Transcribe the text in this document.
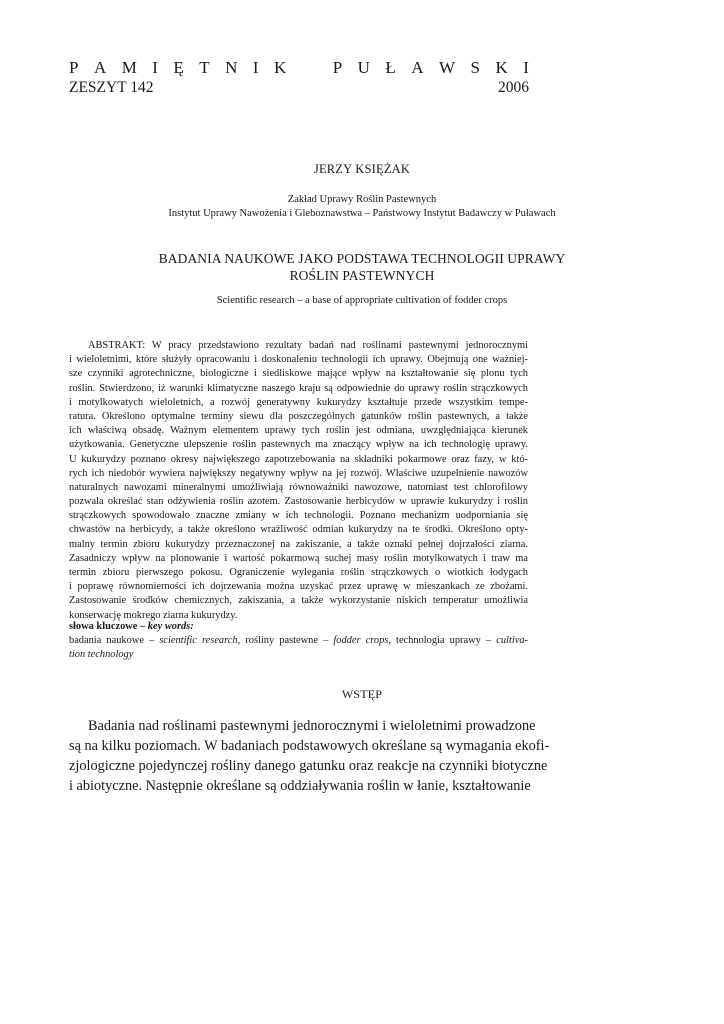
P A M I Ę T N I K	P U Ł A W S K I
ZESZYT 142	2006
JERZY KSIĘŻAK
Zakład Uprawy Roślin Pastewnych
Instytut Uprawy Nawożenia i Gleboznawstwa – Państwowy Instytut Badawczy w Puławach
BADANIA NAUKOWE JAKO PODSTAWA TECHNOLOGII UPRAWY
ROŚLIN PASTEWNYCH
Scientific research – a base of appropriate cultivation of fodder crops
ABSTRAKT: W pracy przedstawiono rezultaty badań nad roślinami pastewnymi jednorocznymi
i wieloletnimi, które służyły opracowaniu i doskonaleniu technologii ich uprawy. Obejmują one ważniej-
sze czynniki agrotechniczne, biologiczne i siedliskowe mające wpływ na kształtowanie się plonu tych
roślin. Stwierdzono, iż warunki klimatyczne naszego kraju są odpowiednie do uprawy roślin strączkowych
i motylkowatych wieloletnich, a rozwój generatywny kukurydzy kształtuje przede wszystkim tempe-
ratura. Określono optymalne terminy siewu dla poszczególnych gatunków roślin pastewnych, a także
ich właściwą obsadę. Ważnym elementem uprawy tych roślin jest odmiana, uwzględniająca kierunek
użytkowania. Genetyczne ulepszenie roślin pastewnych ma znaczący wpływ na ich technologię uprawy.
U kukurydzy poznano okresy największego zapotrzebowania na składniki pokarmowe oraz fazy, w któ-
rych ich niedobór wywiera największy negatywny wpływ na jej rozwój. Właściwe uzupełnienie nawozów
naturalnych nawozami mineralnymi umożliwiają równoważniki nawozowe, natomiast test chlorofilowy
pozwala określać stan odżywienia roślin azotem. Zastosowanie herbicydów w uprawie kukurydzy i roślin
strączkowych spowodowało znaczne zmiany w ich technologii. Poznano mechanizm uodporniania się
chwastów na herbicydy, a także określono wrażliwość odmian kukurydzy na te środki. Określono opty-
malny termin zbioru kukurydzy przeznaczonej na zakiszanie, a także oznaki pełnej dojrzałości ziarna.
Zasadniczy wpływ na plonowanie i wartość pokarmową suchej masy roślin motylkowatych i traw ma
termin zbioru pierwszego pokosu. Ograniczenie wylegania roślin strączkowych o wiotkich łodygach
i poprawę równomierności ich dojrzewania można uzyskać przez uprawę w mieszankach ze zbożami.
Zastosowanie środków chemicznych, zakiszania, a także wykorzystanie niskich temperatur umożliwia
konserwację mokrego ziarna kukurydzy.
słowa kluczowe – key words:
badania naukowe – scientific research, rośliny pastewne – fodder crops, technologia uprawy – cultiva-
tion technology
WSTĘP
Badania nad roślinami pastewnymi jednorocznymi i wieloletnimi prowadzone
są na kilku poziomach. W badaniach podstawowych określane są wymagania ekofi-
zjologiczne pojedynczej rośliny danego gatunku oraz reakcje na czynniki biotyczne
i abiotyczne. Następnie określane są oddziaływania roślin w łanie, kształtowanie
